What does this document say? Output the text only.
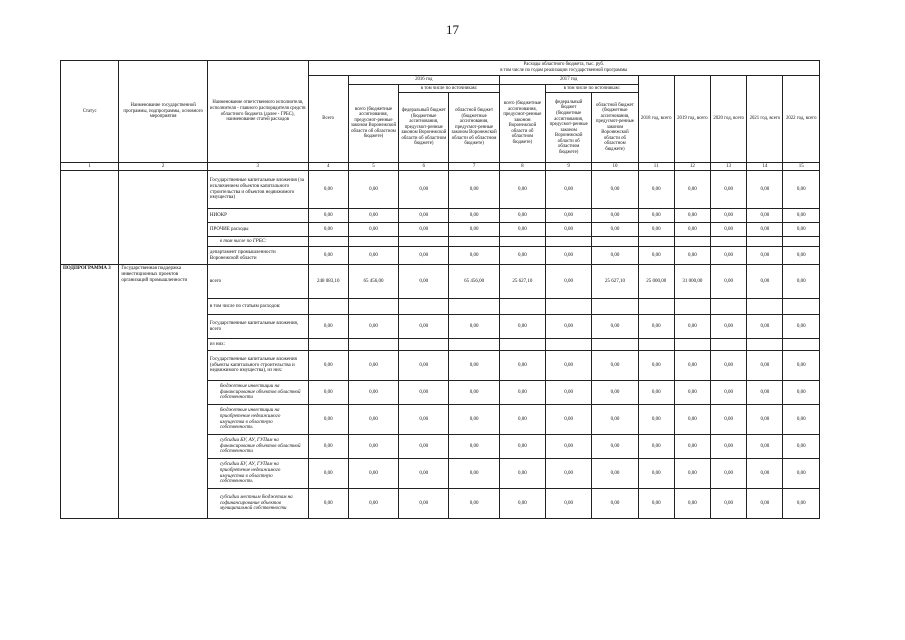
17
Статус	Наименование государственной программы, подпрограммы, основного мероприятия	Наименование ответственного исполнителя, исполнителя - главного распорядителя средств областного бюджета (далее - ГРБС), наименование статей расходов	Расходы областного бюджета, тыс. руб.
в том числе по годам реализации государственной программы											

			Всего	2016 год			2017 год			2018 год, всего	2019 год, всего	2020 год, всего	2021 год, всего	2022 год, всего
				всего (бюджетные ассигнования, предусмот-ренные законом Воронежской области об областном бюджете)	в том числе по источникам:		всего (бюджетные ассигнования, предусмот-ренные законом Воронежской области об областном бюджете)	в том числе по источникам:						
					федеральный бюджет (бюджетные ассигнования, предусмот-ренные законом Воронежской области об областном бюджете)	областной бюджет (бюджетные ассигнования, предусмот-ренные законом Воронежской области об областном бюджете)		федеральный бюджет (бюджетные ассигнования, предусмот-ренные законом Воронежской области об областном бюджете)	областной бюджет (бюджетные ассигнования, предусмот-ренные законом Воронежской области об областном бюджете)					
1	2	3	4	5	6	7	8	9	10	11	12	13	14	15
		Государственные капитальные вложения (за исключением объектов капитального строительства и объектов недвижимого имущества)	0,00	0,00	0,00	0,00	0,00	0,00	0,00	0,00	0,00	0,00	0,00	0,00
		НИОКР	0,00	0,00	0,00	0,00	0,00	0,00	0,00	0,00	0,00	0,00	0,00	0,00
		ПРОЧИЕ расходы	0,00	0,00	0,00	0,00	0,00	0,00	0,00	0,00	0,00	0,00	0,00	0,00
		в том числе по ГРБС:												
		департамент промышленности Воронежской области	0,00	0,00	0,00	0,00	0,00	0,00	0,00	0,00	0,00	0,00	0,00	0,00
ПОДПРОГРАММА 3	Государственная поддержка инвестиционных проектов организаций промышленности	всего	248 083,10	65 456,00	0,00	65 456,00	25 627,10	0,00	25 627,10	25 000,00	31 000,00	0,00	0,00	0,00
		в том числе по статьям расходов:												
		Государственные капитальные вложения, всего	0,00	0,00	0,00	0,00	0,00	0,00	0,00	0,00	0,00	0,00	0,00	0,00
		из них:												
		Государственные капитальные вложения (объекты капитального строительства и недвижимого имущества), из них:	0,00	0,00	0,00	0,00	0,00	0,00	0,00	0,00	0,00	0,00	0,00	0,00
		бюджетные инвестиции на финансирование объектов областной собственности	0,00	0,00	0,00	0,00	0,00	0,00	0,00	0,00	0,00	0,00	0,00	0,00
		бюджетные инвестиции на приобретение недвижимого имущества в областную собственность	0,00	0,00	0,00	0,00	0,00	0,00	0,00	0,00	0,00	0,00	0,00	0,00
		субсидии БУ, АУ, ГУПам на финансирование объектов областной собственности	0,00	0,00	0,00	0,00	0,00	0,00	0,00	0,00	0,00	0,00	0,00	0,00
		субсидии БУ, АУ, ГУПам на приобретение недвижимого имущества в областную собственность	0,00	0,00	0,00	0,00	0,00	0,00	0,00	0,00	0,00	0,00	0,00	0,00
		субсидии местным бюджетам на софинансирование объектов муниципальной собственности	0,00	0,00	0,00	0,00	0,00	0,00	0,00	0,00	0,00	0,00	0,00	0,00
